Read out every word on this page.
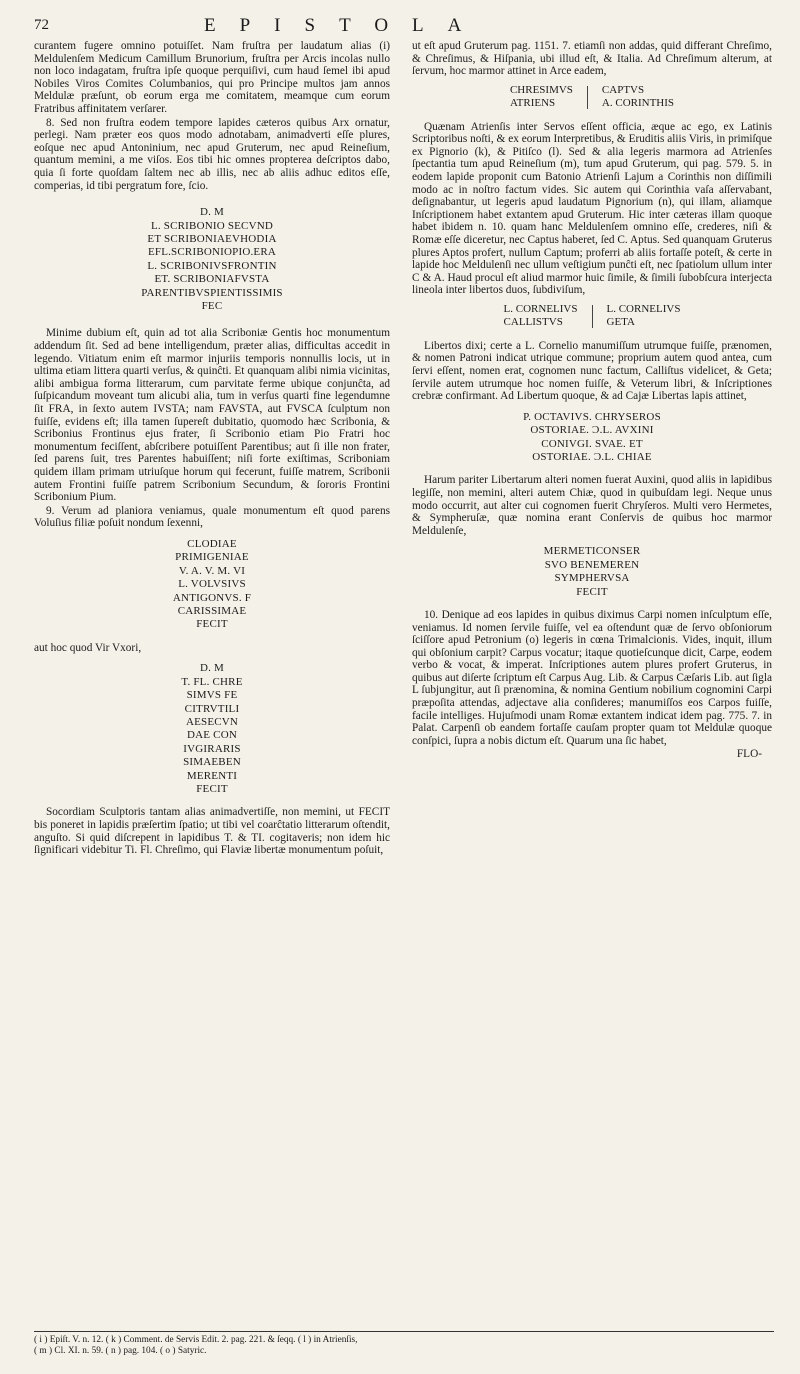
72	EPISTOLA

curantem fugere omnino potuiſſet. Nam fruſtra per laudatum alias (i) Meldulenſem Medicum Camillum Brunorium, fruſtra per Arcis incolas nullo non loco indagatam, fruſtra ipſe quoque perquiſivi, cum haud ſemel ibi apud Nobiles Viros Comites Columbanios, qui pro Principe multos jam annos Meldulæ præſunt, ob eorum erga me comitatem, meamque cum eorum Fratribus affinitatem verſarer.

8. Sed non fruſtra eodem tempore lapides cæteros quibus Arx ornatur, perlegi. Nam præter eos quos modo adnotabam, animadverti eſſe plures, eoſque nec apud Antoninium, nec apud Gruterum, nec apud Reineſium, quantum memini, a me viſos. Eos tibi hic omnes propterea deſcriptos dabo, quia ſi forte quoſdam ſaltem nec ab illis, nec ab aliis adhuc editos eſſe, comperias, id tibi pergratum fore, ſcio.

D. M
L. SCRIBONIO SECVND
ET SCRIBONIAEVHODIA
EFL.SCRIBONIOPIO.ERA
L. SCRIBONIVSFRONTIN
ET. SCRIBONIAFVSTA
PARENTIBVSPIENTISSIMIS
FEC

Minime dubium eſt, quin ad tot alia Scriboniæ Gentis hoc monumentum addendum ſit. Sed ad bene intelligendum, præter alias, difficultas accedit in legendo. Vitiatum enim eſt marmor injuriis temporis nonnullis locis, ut in ultima etiam littera quarti verſus, & quinĉti. Et quanquam alibi nimia vicinitas, alibi ambigua forma litterarum, cum parvitate ferme ubique conjunĉta, ad ſuſpicandum moveant tum alicubi alia, tum in verſus quarti fine legendumne ſit FRA, in ſexto autem IVSTA; nam FAVSTA, aut FVSCA ſculptum non fuiſſe, evidens eſt; illa tamen ſupereſt dubitatio, quomodo hæc Scribonia, & Scribonius Frontinus ejus frater, ſi Scribonio etiam Pio Fratri hoc monumentum feciſſent, abſcribere potuiſſent Parentibus; aut ſi ille non frater, ſed parens ſuit, tres Parentes habuiſſent; niſi forte exiſtimas, Scriboniam quidem illam primam utriuſque horum qui fecerunt, fuiſſe matrem, Scribonii autem Frontini fuiſſe patrem Scribonium Secundum, & ſororis Frontini Scribonium Pium.

9. Verum ad planiora veniamus, quale monumentum eſt quod parens Voluſius filiæ poſuit nondum ſexenni,

CLODIAE
PRIMIGENIAE
V. A. V. M. VI
L. VOLVSIVS
ANTIGONVS. F
CARISSIMAE
FECIT

aut hoc quod Vir Vxori,

D. M
T. FL. CHRE
SIMVS FE
CITRVTILI
AESECVN
DAE CON
IVGIRARIS
SIMAEBEN
MERENTI
FECIT

Socordiam Sculptoris tantam alias animadvertiſſe, non memini, ut FECIT bis poneret in lapidis præſertim ſpatio; ut tibi vel coarĉtatio litterarum oſtendit, anguſto. Si quid diſcrepent in lapidibus T. & TI. cogitaveris; non idem hic ſignificari videbitur Ti. Fl. Chreſimo, qui Flaviæ libertæ monumentum poſuit,

ut eſt apud Gruterum pag. 1151. 7. etiamſi non addas, quid differant Chreſimo, & Chreſimus, & Hiſpania, ubi illud eſt, & Italia. Ad Chreſimum alterum, at ſervum, hoc marmor attinet in Arce eadem,

CHRESIMVS
ATRIENS
CAPTVS
A. CORINTHIS

Quænam Atrienſis inter Servos eſſent officia, æque ac ego, ex Latinis Scriptoribus noſti, & ex eorum Interpretibus, & Eruditis aliis Viris, in primiſque ex Pignorio (k), & Pitiſco (l). Sed & alia legeris marmora ad Atrienſes ſpectantia tum apud Reineſium (m), tum apud Gruterum, qui pag. 579. 5. in eodem lapide proponit cum Batonio Atrienſi Lajum a Corinthis non diſſimili modo ac in noſtro factum vides. Sic autem qui Corinthia vaſa aſſervabant, deſignabantur, ut legeris apud laudatum Pignorium (n), qui illam, aliamque Inſcriptionem habet extantem apud Gruterum. Hic inter cæteras illam quoque habet ibidem n. 10. quam hanc Meldulenſem omnino eſſe, crederes, niſi & Romæ eſſe diceretur, nec Captus haberet, ſed C. Aptus. Sed quanquam Gruterus plures Aptos profert, nullum Captum; proferri ab aliis fortaſſe poteſt, & certe in lapide hoc Meldulenſi nec ullum veſtigium punĉti eſt, nec ſpatiolum ullum inter C & A. Haud procul eſt aliud marmor huic ſimile, & ſimili ſubobſcura interjecta lineola inter libertos duos, ſubdiviſum,

L. CORNELIVS
CALLISTVS
L. CORNELIVS
GETA

Libertos dixi; certe a L. Cornelio manumiſſum utrumque fuiſſe, prænomen, & nomen Patroni indicat utrique commune; proprium autem quod antea, cum ſervi eſſent, nomen erat, cognomen nunc factum, Calliſtus videlicet, & Geta; ſervile autem utrumque hoc nomen fuiſſe, & Veterum libri, & Inſcriptiones crebræ confirmant. Ad Libertum quoque, & ad Cajæ Libertas lapis attinet,

P. OCTAVIVS. CHRYSEROS
OSTORIAE. Ɔ.L. AVXINI
CONIVGI. SVAE. ET
OSTORIAE. Ɔ.L. CHIAE

Harum pariter Libertarum alteri nomen fuerat Auxini, quod aliis in lapidibus legiſſe, non memini, alteri autem Chiæ, quod in quibuſdam legi. Neque unus modo occurrit, aut alter cui cognomen fuerit Chryſeros. Multi vero Hermetes, & Sympheruſæ, quæ nomina erant Conſervis de quibus hoc marmor Meldulenſe,

MERMETICONSER
SVO BENEMEREN
SYMPHERVSA
FECIT

10. Denique ad eos lapides in quibus diximus Carpi nomen inſculptum eſſe, veniamus. Id nomen ſervile fuiſſe, vel ea oſtendunt quæ de ſervo obſoniorum ſciſſore apud Petronium (o) legeris in cœna Trimalcionis. Vides, inquit, illum qui obſonium carpit? Carpus vocatur; itaque quotieſcunque dicit, Carpe, eodem verbo & vocat, & imperat. Inſcriptiones autem plures profert Gruterus, in quibus aut diſerte ſcriptum eſt Carpus Aug. Lib. & Carpus Cæſaris Lib. aut ſigla L ſubjungitur, aut ſi prænomina, & nomina Gentium nobilium cognomini Carpi præpoſita attendas, adjectave alia conſideres; manumiſſos eos Carpos fuiſſe, facile intelliges. Hujuſmodi unam Romæ extantem indicat idem pag. 775. 7. in Palat. Carpenſi ob eandem fortaſſe cauſam propter quam tot Meldulæ quoque conſpici, ſupra a nobis dictum eſt. Quarum una ſic habet,

FLO-

( i ) Epiſt. V. n. 12. ( k ) Comment. de Servis Edit. 2. pag. 221. & ſeqq. ( l ) in Atrienſis,
( m ) Cl. XI. n. 59. ( n ) pag. 104. ( o ) Satyric.
